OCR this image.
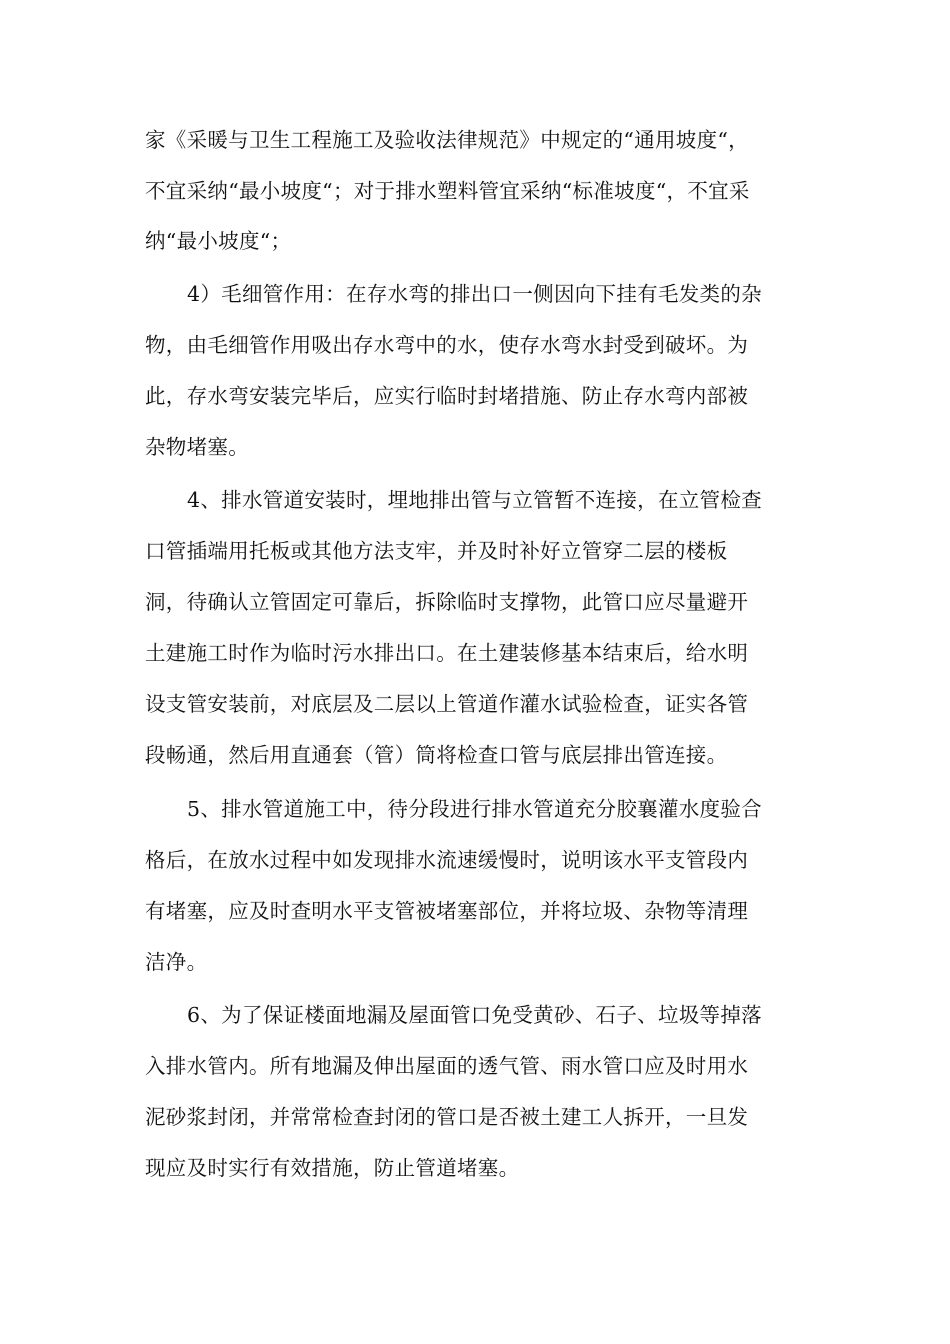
家《采暖与卫生工程施工及验收法律规范》中规定的“通用坡度“，
不宜采纳“最小坡度“；对于排水塑料管宜采纳“标准坡度“，不宜采
纳“最小坡度“；
4）毛细管作用：在存水弯的排出口一侧因向下挂有毛发类的杂
物，由毛细管作用吸出存水弯中的水，使存水弯水封受到破坏。为
此，存水弯安装完毕后，应实行临时封堵措施、防止存水弯内部被
杂物堵塞。
4、排水管道安装时，埋地排出管与立管暂不连接，在立管检查
口管插端用托板或其他方法支牢，并及时补好立管穿二层的楼板
洞，待确认立管固定可靠后，拆除临时支撑物，此管口应尽量避开
土建施工时作为临时污水排出口。在土建装修基本结束后，给水明
设支管安装前，对底层及二层以上管道作灌水试验检查，证实各管
段畅通，然后用直通套（管）筒将检查口管与底层排出管连接。
5、排水管道施工中，待分段进行排水管道充分胶襄灌水度验合
格后，在放水过程中如发现排水流速缓慢时，说明该水平支管段内
有堵塞，应及时查明水平支管被堵塞部位，并将垃圾、杂物等清理
洁净。
6、为了保证楼面地漏及屋面管口免受黄砂、石子、垃圾等掉落
入排水管内。所有地漏及伸出屋面的透气管、雨水管口应及时用水
泥砂浆封闭，并常常检查封闭的管口是否被土建工人拆开，一旦发
现应及时实行有效措施，防止管道堵塞。
